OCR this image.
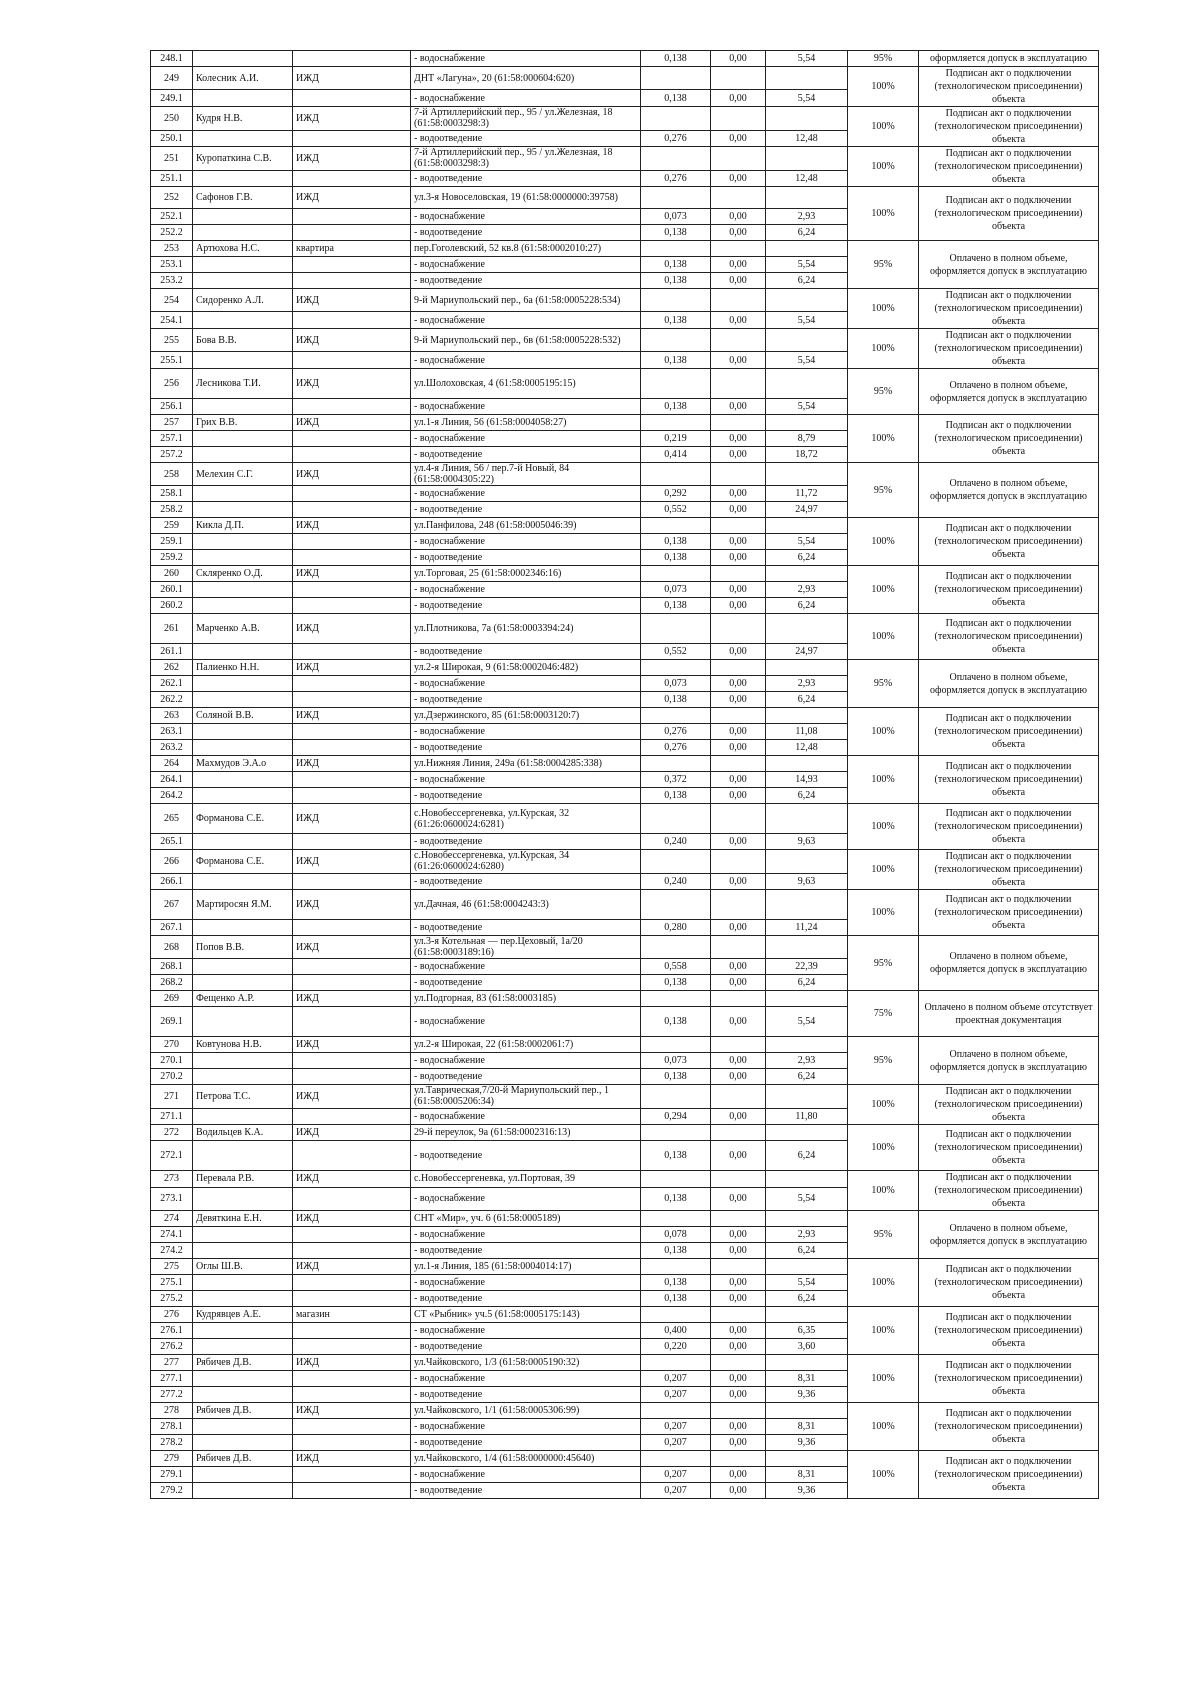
248.1			- водоснабжение	0,138	0,00	5,54	95%	оформляется допуск в эксплуатацию
249	Колесник А.И.	ИЖД	ДНТ «Лагуна», 20 (61:58:000604:620)				100%	Подписан акт о подключении (технологическом присоединении) объекта
249.1			- водоснабжение	0,138	0,00	5,54		
250	Кудря Н.В.	ИЖД	7-й Артиллерийский пер., 95 / ул.Железная, 18 (61:58:0003298:3)				100%	Подписан акт о подключении (технологическом присоединении) объекта
250.1			- водоотведение	0,276	0,00	12,48		
251	Куропаткина С.В.	ИЖД	7-й Артиллерийский пер., 95 / ул.Железная, 18 (61:58:0003298:3)				100%	Подписан акт о подключении (технологическом присоединении) объекта
251.1			- водоотведение	0,276	0,00	12,48		
252	Сафонов Г.В.	ИЖД	ул.3-я Новоселовская, 19 (61:58:0000000:39758)				100%	Подписан акт о подключении (технологическом присоединении) объекта
252.1			- водоснабжение	0,073	0,00	2,93		
252.2			- водоотведение	0,138	0,00	6,24		
253	Артюхова Н.С.	квартира	пер.Гоголевский, 52 кв.8 (61:58:0002010:27)				95%	Оплачено в полном объеме, оформляется допуск в эксплуатацию
253.1			- водоснабжение	0,138	0,00	5,54		
253.2			- водоотведение	0,138	0,00	6,24		
254	Сидоренко А.Л.	ИЖД	9-й Мариупольский пер., 6а (61:58:0005228:534)				100%	Подписан акт о подключении (технологическом присоединении) объекта
254.1			- водоснабжение	0,138	0,00	5,54		
255	Бова В.В.	ИЖД	9-й Мариупольский пер., 6в (61:58:0005228:532)				100%	Подписан акт о подключении (технологическом присоединении) объекта
255.1			- водоснабжение	0,138	0,00	5,54		
256	Лесникова Т.И.	ИЖД	ул.Шолоховская, 4 (61:58:0005195:15)				95%	Оплачено в полном объеме, оформляется допуск в эксплуатацию
256.1			- водоснабжение	0,138	0,00	5,54		
257	Грих В.В.	ИЖД	ул.1-я Линия, 56 (61:58:0004058:27)				100%	Подписан акт о подключении (технологическом присоединении) объекта
257.1			- водоснабжение	0,219	0,00	8,79		
257.2			- водоотведение	0,414	0,00	18,72		
258	Мелехин С.Г.	ИЖД	ул.4-я Линия, 56 / пер.7-й Новый, 84 (61:58:0004305:22)				95%	Оплачено в полном объеме, оформляется допуск в эксплуатацию
258.1			- водоснабжение	0,292	0,00	11,72		
258.2			- водоотведение	0,552	0,00	24,97		
259	Кикла Д.П.	ИЖД	ул.Панфилова, 248 (61:58:0005046:39)				100%	Подписан акт о подключении (технологическом присоединении) объекта
259.1			- водоснабжение	0,138	0,00	5,54		
259.2			- водоотведение	0,138	0,00	6,24		
260	Скляренко О.Д.	ИЖД	ул.Торговая, 25 (61:58:0002346:16)				100%	Подписан акт о подключении (технологическом присоединении) объекта
260.1			- водоснабжение	0,073	0,00	2,93		
260.2			- водоотведение	0,138	0,00	6,24		
261	Марченко А.В.	ИЖД	ул.Плотникова, 7а (61:58:0003394:24)				100%	Подписан акт о подключении (технологическом присоединении) объекта
261.1			- водоотведение	0,552	0,00	24,97		
262	Палиенко Н.Н.	ИЖД	ул.2-я Широкая, 9 (61:58:0002046:482)				95%	Оплачено в полном объеме, оформляется допуск в эксплуатацию
262.1			- водоснабжение	0,073	0,00	2,93		
262.2			- водоотведение	0,138	0,00	6,24		
263	Соляной В.В.	ИЖД	ул.Дзержинского, 85 (61:58:0003120:7)				100%	Подписан акт о подключении (технологическом присоединении) объекта
263.1			- водоснабжение	0,276	0,00	11,08		
263.2			- водоотведение	0,276	0,00	12,48		
264	Махмудов Э.А.о	ИЖД	ул.Нижняя Линия, 249а (61:58:0004285:338)				100%	Подписан акт о подключении (технологическом присоединении) объекта
264.1			- водоснабжение	0,372	0,00	14,93		
264.2			- водоотведение	0,138	0,00	6,24		
265	Форманова С.Е.	ИЖД	с.Новобессергеневка, ул.Курская, 32 (61:26:0600024:6281)				100%	Подписан акт о подключении (технологическом присоединении) объекта
265.1			- водоотведение	0,240	0,00	9,63		
266	Форманова С.Е.	ИЖД	с.Новобессергеневка, ул.Курская, 34 (61:26:0600024:6280)				100%	Подписан акт о подключении (технологическом присоединении) объекта
266.1			- водоотведение	0,240	0,00	9,63		
267	Мартиросян Я.М.	ИЖД	ул.Дачная, 46 (61:58:0004243:3)				100%	Подписан акт о подключении (технологическом присоединении) объекта
267.1			- водоотведение	0,280	0,00	11,24		
268	Попов В.В.	ИЖД	ул.3-я Котельная — пер.Цеховый, 1а/20 (61:58:0003189:16)				95%	Оплачено в полном объеме, оформляется допуск в эксплуатацию
268.1			- водоснабжение	0,558	0,00	22,39		
268.2			- водоотведение	0,138	0,00	6,24		
269	Фещенко А.Р.	ИЖД	ул.Подгорная, 83 (61:58:0003185)				75%	Оплачено в полном объеме отсутствует проектная документация
269.1			- водоснабжение	0,138	0,00	5,54		
270	Ковтунова Н.В.	ИЖД	ул.2-я Широкая, 22 (61:58:0002061:7)				95%	Оплачено в полном объеме, оформляется допуск в эксплуатацию
270.1			- водоснабжение	0,073	0,00	2,93		
270.2			- водоотведение	0,138	0,00	6,24		
271	Петрова Т.С.	ИЖД	ул.Таврическая,7/20-й Мариупольский пер., 1 (61:58:0005206:34)				100%	Подписан акт о подключении (технологическом присоединении) объекта
271.1			- водоснабжение	0,294	0,00	11,80		
272	Водильцев К.А.	ИЖД	29-й переулок, 9а (61:58:0002316:13)				100%	Подписан акт о подключении (технологическом присоединении) объекта
272.1			- водоотведение	0,138	0,00	6,24		
273	Перевала Р.В.	ИЖД	с.Новобессергеневка, ул.Портовая, 39				100%	Подписан акт о подключении (технологическом присоединении) объекта
273.1			- водоснабжение	0,138	0,00	5,54		
274	Девяткина Е.Н.	ИЖД	СНТ «Мир», уч. 6 (61:58:0005189)				95%	Оплачено в полном объеме, оформляется допуск в эксплуатацию
274.1			- водоснабжение	0,078	0,00	2,93		
274.2			- водоотведение	0,138	0,00	6,24		
275	Оглы Ш.В.	ИЖД	ул.1-я Линия, 185 (61:58:0004014:17)				100%	Подписан акт о подключении (технологическом присоединении) объекта
275.1			- водоснабжение	0,138	0,00	5,54		
275.2			- водоотведение	0,138	0,00	6,24		
276	Кудрявцев А.Е.	магазин	СТ «Рыбник» уч.5 (61:58:0005175:143)				100%	Подписан акт о подключении (технологическом присоединении) объекта
276.1			- водоснабжение	0,400	0,00	6,35		
276.2			- водоотведение	0,220	0,00	3,60		
277	Рябичев Д.В.	ИЖД	ул.Чайковского, 1/3 (61:58:0005190:32)				100%	Подписан акт о подключении (технологическом присоединении) объекта
277.1			- водоснабжение	0,207	0,00	8,31		
277.2			- водоотведение	0,207	0,00	9,36		
278	Рябичев Д.В.	ИЖД	ул.Чайковского, 1/1 (61:58:0005306:99)				100%	Подписан акт о подключении (технологическом присоединении) объекта
278.1			- водоснабжение	0,207	0,00	8,31		
278.2			- водоотведение	0,207	0,00	9,36		
279	Рябичев Д.В.	ИЖД	ул.Чайковского, 1/4 (61:58:0000000:45640)				100%	Подписан акт о подключении (технологическом присоединении) объекта
279.1			- водоснабжение	0,207	0,00	8,31		
279.2			- водоотведение	0,207	0,00	9,36		
